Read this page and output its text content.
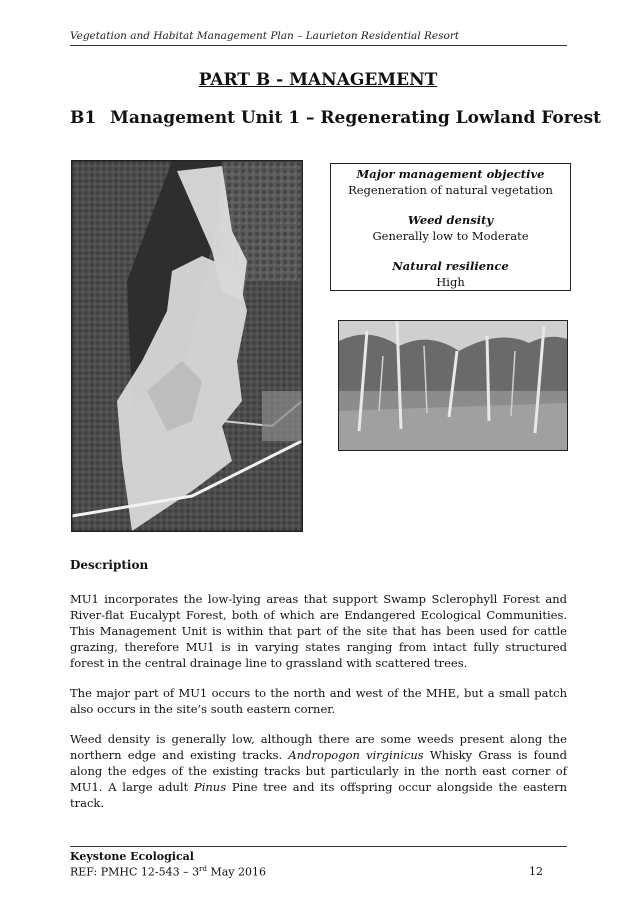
Vegetation and Habitat Management Plan – Laurieton Residential Resort
PART B - MANAGEMENT
B1 Management Unit 1 – Regenerating Lowland Forest
Major management objective
Regeneration of natural vegetation
Weed density
Generally low to Moderate
Natural resilience
High
Description
MU1 incorporates the low-lying areas that support Swamp Sclerophyll Forest and River-flat Eucalypt Forest, both of which are Endangered Ecological Communities. This Management Unit is within that part of the site that has been used for cattle grazing, therefore MU1 is in varying states ranging from intact fully structured forest in the central drainage line to grassland with scattered trees.
The major part of MU1 occurs to the north and west of the MHE, but a small patch also occurs in the site’s south eastern corner.
Weed density is generally low, although there are some weeds present along the northern edge and existing tracks. Andropogon virginicus Whisky Grass is found along the edges of the existing tracks but particularly in the north east corner of MU1. A large adult Pinus Pine tree and its offspring occur alongside the eastern track.
Keystone Ecological
REF: PMHC 12-543 – 3rd May 2016	12
